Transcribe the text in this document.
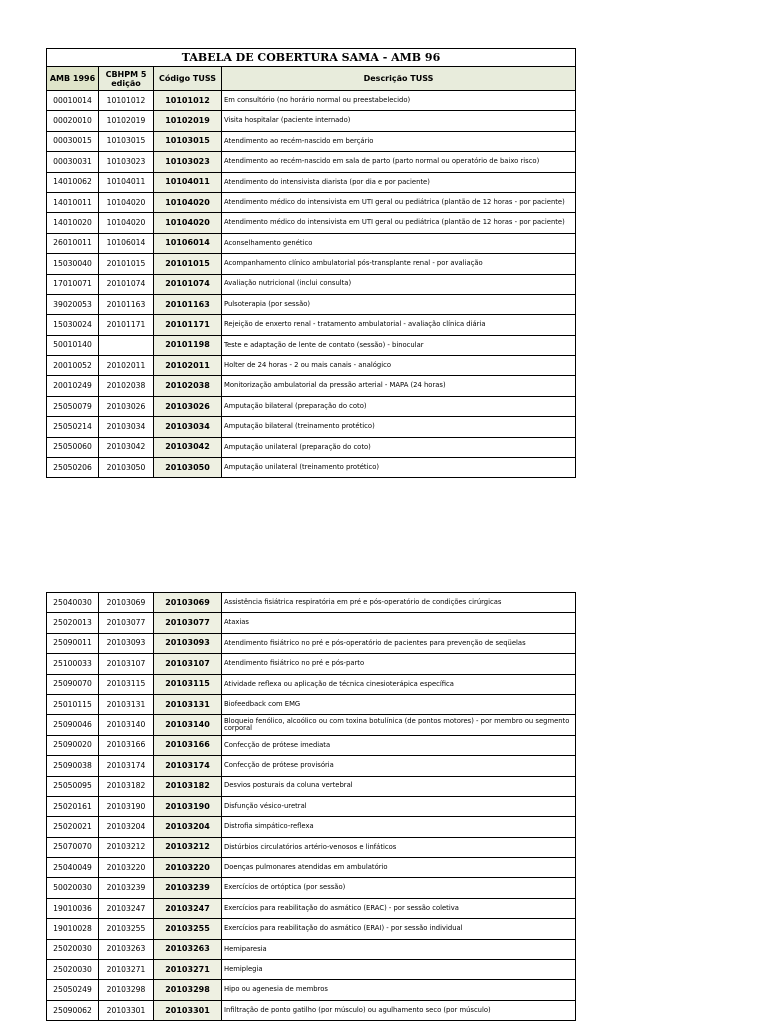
TABELA DE COBERTURA SAMA - AMB 96			
AMB 1996	CBHPM 5 edição	Código TUSS	Descrição TUSS
00010014	10101012	10101012	Em consultório (no horário normal ou preestabelecido)
00020010	10102019	10102019	Visita hospitalar (paciente internado)
00030015	10103015	10103015	Atendimento ao recém-nascido em berçário
00030031	10103023	10103023	Atendimento ao recém-nascido em sala de parto (parto normal ou operatório de baixo risco)
14010062	10104011	10104011	Atendimento do intensivista diarista (por dia e por paciente)
14010011	10104020	10104020	Atendimento médico do intensivista em UTI geral ou pediátrica (plantão de 12 horas - por paciente)
14010020	10104020	10104020	Atendimento médico do intensivista em UTI geral ou pediátrica (plantão de 12 horas - por paciente)
26010011	10106014	10106014	Aconselhamento genético
15030040	20101015	20101015	Acompanhamento clínico ambulatorial pós-transplante renal - por avaliação
17010071	20101074	20101074	Avaliação nutricional (inclui consulta)
39020053	20101163	20101163	Pulsoterapia (por sessão)
15030024	20101171	20101171	Rejeição de enxerto renal - tratamento ambulatorial - avaliação clínica diária
50010140		20101198	Teste e adaptação de lente de contato (sessão) - binocular
20010052	20102011	20102011	Holter de 24 horas - 2 ou mais canais - analógico
20010249	20102038	20102038	Monitorização ambulatorial da pressão arterial - MAPA (24 horas)
25050079	20103026	20103026	Amputação bilateral (preparação do coto)
25050214	20103034	20103034	Amputação bilateral (treinamento protético)
25050060	20103042	20103042	Amputação unilateral (preparação do coto)
25050206	20103050	20103050	Amputação unilateral (treinamento protético)
25040030	20103069	20103069	Assistência fisiátrica respiratória em pré e pós-operatório de condições cirúrgicas
25020013	20103077	20103077	Ataxias
25090011	20103093	20103093	Atendimento fisiátrico no pré e pós-operatório de pacientes para prevenção de seqüelas
25100033	20103107	20103107	Atendimento fisiátrico no pré e pós-parto
25090070	20103115	20103115	Atividade reflexa ou aplicação de técnica cinesioterápica específica
25010115	20103131	20103131	Biofeedback com EMG
25090046	20103140	20103140	Bloqueio fenólico, alcoólico ou com toxina botulínica (de pontos motores) - por membro ou segmento corporal
25090020	20103166	20103166	Confecção de prótese imediata
25090038	20103174	20103174	Confecção de prótese provisória
25050095	20103182	20103182	Desvios posturais da coluna vertebral
25020161	20103190	20103190	Disfunção vésico-uretral
25020021	20103204	20103204	Distrofia simpático-reflexa
25070070	20103212	20103212	Distúrbios circulatórios artério-venosos e linfáticos
25040049	20103220	20103220	Doenças pulmonares atendidas em ambulatório
50020030	20103239	20103239	Exercícios de ortóptica (por sessão)
19010036	20103247	20103247	Exercícios para reabilitação do asmático (ERAC) - por sessão coletiva
19010028	20103255	20103255	Exercícios para reabilitação do asmático (ERAI) - por sessão individual
25020030	20103263	20103263	Hemiparesia
25020030	20103271	20103271	Hemiplegia
25050249	20103298	20103298	Hipo ou agenesia de membros
25090062	20103301	20103301	Infiltração de ponto gatilho (por músculo) ou agulhamento seco (por músculo)
